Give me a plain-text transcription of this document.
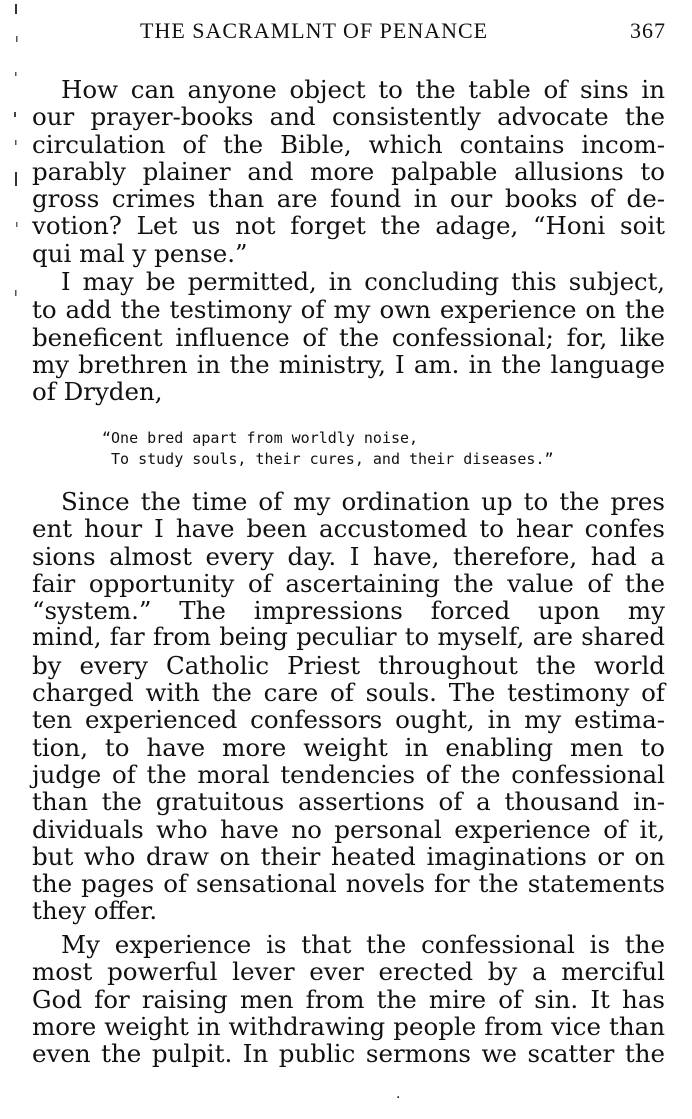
THE SACRAMLNT OF PENANCE	367
How can anyone object to the table of sins in
our prayer-books and consistently advocate the
circulation of the Bible, which contains incom-
parably plainer and more palpable allusions to
gross crimes than are found in our books of de-
votion? Let us not forget the adage, “Honi soit
qui mal y pense.”
I may be permitted, in concluding this subject,
to add the testimony of my own experience on the
beneficent influence of the confessional; for, like
my brethren in the ministry, I am. in the language
of Dryden,
“One bred apart from worldly noise,
To study souls, their cures, and their diseases.”
Since the time of my ordination up to the pres
ent hour I have been accustomed to hear confes
sions almost every day. I have, therefore, had a
fair opportunity of ascertaining the value of the
“system.” The impressions forced upon my
mind, far from being peculiar to myself, are shared
by every Catholic Priest throughout the world
charged with the care of souls. The testimony of
ten experienced confessors ought, in my estima-
tion, to have more weight in enabling men to
judge of the moral tendencies of the confessional
than the gratuitous assertions of a thousand in-
dividuals who have no personal experience of it,
but who draw on their heated imaginations or on
the pages of sensational novels for the statements
they offer.
My experience is that the confessional is the
most powerful lever ever erected by a merciful
God for raising men from the mire of sin. It has
more weight in withdrawing people from vice than
even the pulpit. In public sermons we scatter the
·
